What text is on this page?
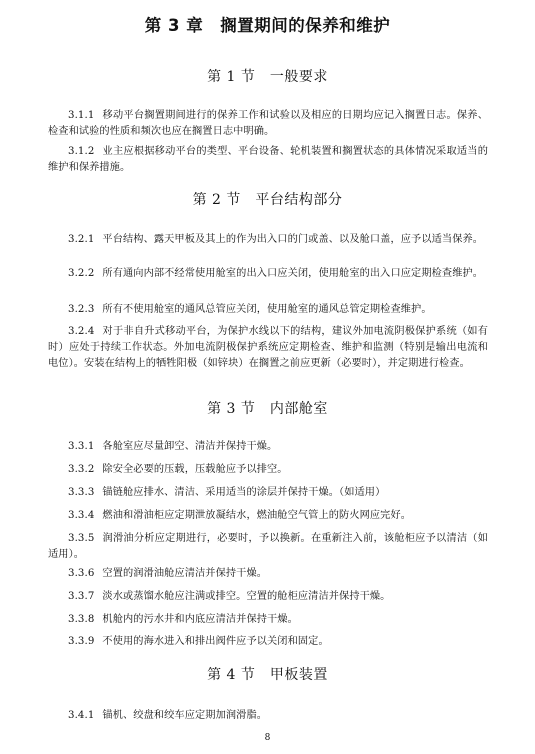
第 3 章　搁置期间的保养和维护
第 1 节　一般要求
3.1.1 移动平台搁置期间进行的保养工作和试验以及相应的日期均应记入搁置日志。保养、检查和试验的性质和频次也应在搁置日志中明确。
3.1.2 业主应根据移动平台的类型、平台设备、轮机装置和搁置状态的具体情况采取适当的维护和保养措施。
第 2 节　平台结构部分
3.2.1 平台结构、露天甲板及其上的作为出入口的门或盖、以及舱口盖，应予以适当保养。
3.2.2 所有通向内部不经常使用舱室的出入口应关闭，使用舱室的出入口应定期检查维护。
3.2.3 所有不使用舱室的通风总管应关闭，使用舱室的通风总管定期检查维护。
3.2.4 对于非自升式移动平台，为保护水线以下的结构，建议外加电流阴极保护系统（如有时）应处于持续工作状态。外加电流阴极保护系统应定期检查、维护和监测（特别是输出电流和电位）。安装在结构上的牺牲阳极（如锌块）在搁置之前应更新（必要时），并定期进行检查。
第 3 节　内部舱室
3.3.1 各舱室应尽量卸空、清洁并保持干燥。
3.3.2 除安全必要的压载，压载舱应予以排空。
3.3.3 锚链舱应排水、清洁、采用适当的涂层并保持干燥。（如适用）
3.3.4 燃油和滑油柜应定期泄放凝结水，燃油舱空气管上的防火网应完好。
3.3.5 润滑油分析应定期进行，必要时，予以换新。在重新注入前，该舱柜应予以清洁（如适用）。
3.3.6 空置的润滑油舱应清洁并保持干燥。
3.3.7 淡水或蒸馏水舱应注满或排空。空置的舱柜应清洁并保持干燥。
3.3.8 机舱内的污水井和内底应清洁并保持干燥。
3.3.9 不使用的海水进入和排出阀件应予以关闭和固定。
第 4 节　甲板装置
3.4.1 锚机、绞盘和绞车应定期加润滑脂。
8
